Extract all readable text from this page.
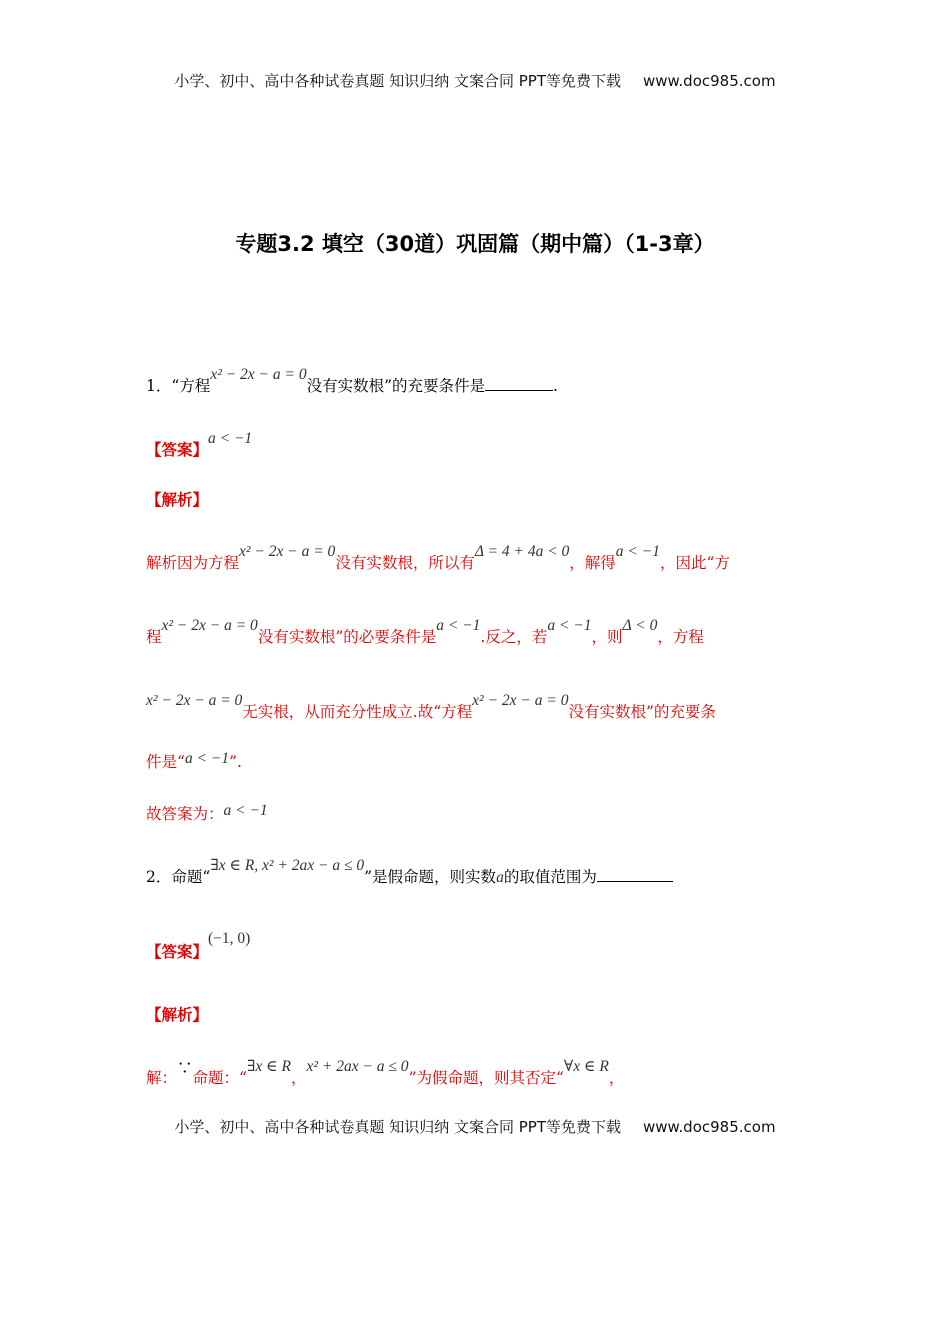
小学、初中、高中各种试卷真题 知识归纳 文案合同 PPT等免费下载 www.doc985.com
专题3.2 填空（30道）巩固篇（期中篇）（1-3章）
1．“方程x² − 2x − a = 0没有实数根”的充要条件是	.
【答案】a < −1
【解析】
解析因为方程x² − 2x − a = 0没有实数根，所以有Δ = 4 + 4a < 0，解得a < −1，因此“方
程x² − 2x − a = 0没有实数根”的必要条件是a < −1.反之，若a < −1，则Δ < 0，方程
x² − 2x − a = 0无实根，从而充分性成立.故“方程x² − 2x − a = 0没有实数根”的充要条
件是“a < −1”.
故答案为：a < −1
2．命题“∃x ∈ R, x² + 2ax − a ≤ 0”是假命题，则实数a的取值范围为
【答案】(−1, 0)
【解析】
解：∵命题：“∃x ∈ R，x² + 2ax − a ≤ 0”为假命题，则其否定“∀x ∈ R，
小学、初中、高中各种试卷真题 知识归纳 文案合同 PPT等免费下载 www.doc985.com
